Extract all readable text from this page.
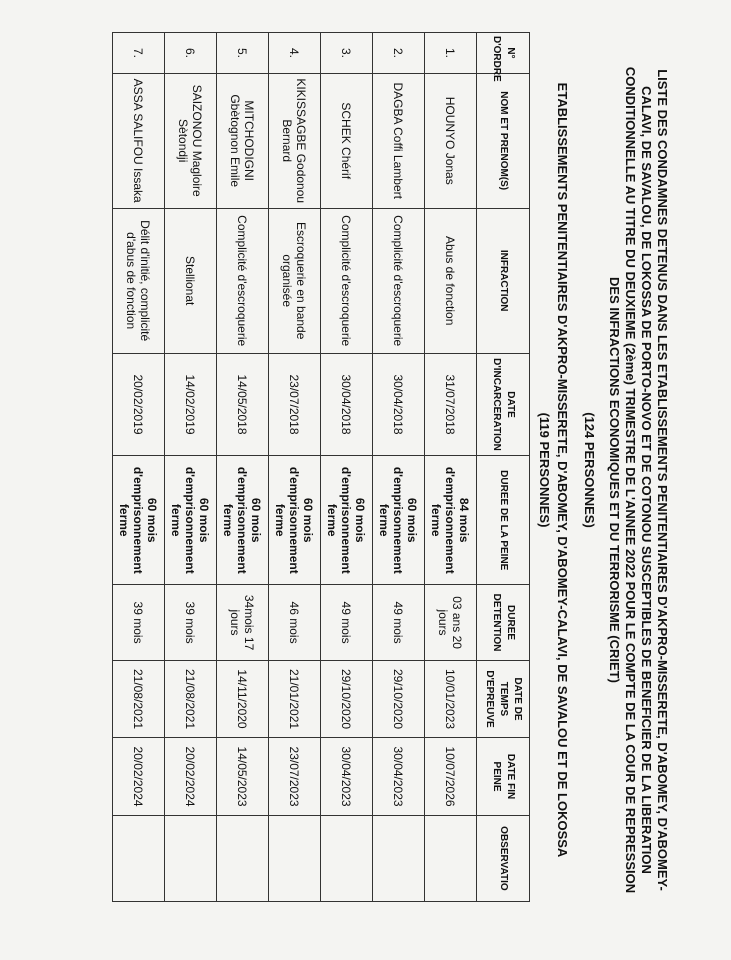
LISTE DES CONDAMNES DETENUS DANS LES ETABLISSEMENTS PENITENTIAIRES D'AKPRO-MISSERETE, D'ABOMEY, D'ABOMEY-
CALAVI, DE SAVALOU, DE LOKOSSA DE PORTO-NOVO ET DE COTONOU SUSCEPTIBLES DE BENEFICIER DE LA LIBERATION
CONDITIONNELLE AU TITRE DU DEUXIEME (2ème) TRIMESTRE DE L'ANNEE 2022 POUR LE COMPTE DE LA COUR DE REPRESSION
DES INFRACTIONS ECONOMIQUES ET DU TERRORISME (CRIET)
(124 PERSONNES)
ETABLISSEMENTS PENITENTIAIRES D'AKPRO-MISSERETE, D'ABOMEY, D'ABOMEY-CALAVI, DE SAVALOU ET DE LOKOSSA
(119 PERSONNES)
N° D'ORDRE	NOM ET PRENOM(S)	INFRACTION	DATE D'INCARCERATION	DUREE DE LA PEINE	DUREE DETENTION	DATE DE TEMPS D'EPREUVE	DATE FIN PEINE	OBSERVATIO
1.	HOUNYO Jonas	Abus de fonction	31/07/2018	84 mois
d'emprisonnement
ferme	03 ans 20 jours	10/01/2023	10/07/2026	
2.	DAGBA Coffi Lambert	Complicité d'escroquerie	30/04/2018	60 mois
d'emprisonnement
ferme	49 mois	29/10/2020	30/04/2023	
3.	SCHEK Chérif	Complicité d'escroquerie	30/04/2018	60 mois
d'emprisonnement
ferme	49 mois	29/10/2020	30/04/2023	
4.	KIKISSAGBE Godonou Bernard	Escroquerie en bande organisée	23/07/2018	60 mois
d'emprisonnement
ferme	46 mois	21/01/2021	23/07/2023	
5.	MITCHODIGNI Gbètognon Emile	Complicité d'escroquerie	14/05/2018	60 mois
d'emprisonnement
ferme	34mois 17 jours	14/11/2020	14/05/2023	
6.	SAIZONOU Magloire Sètondji	Stellionat	14/02/2019	60 mois
d'emprisonnement
ferme	39 mois	21/08/2021	20/02/2024	
7.	ASSA SALIFOU Issaka	Délit d'initié, complicité d'abus de fonction	20/02/2019	60 mois
d'emprisonnement
ferme	39 mois	21/08/2021	20/02/2024	
